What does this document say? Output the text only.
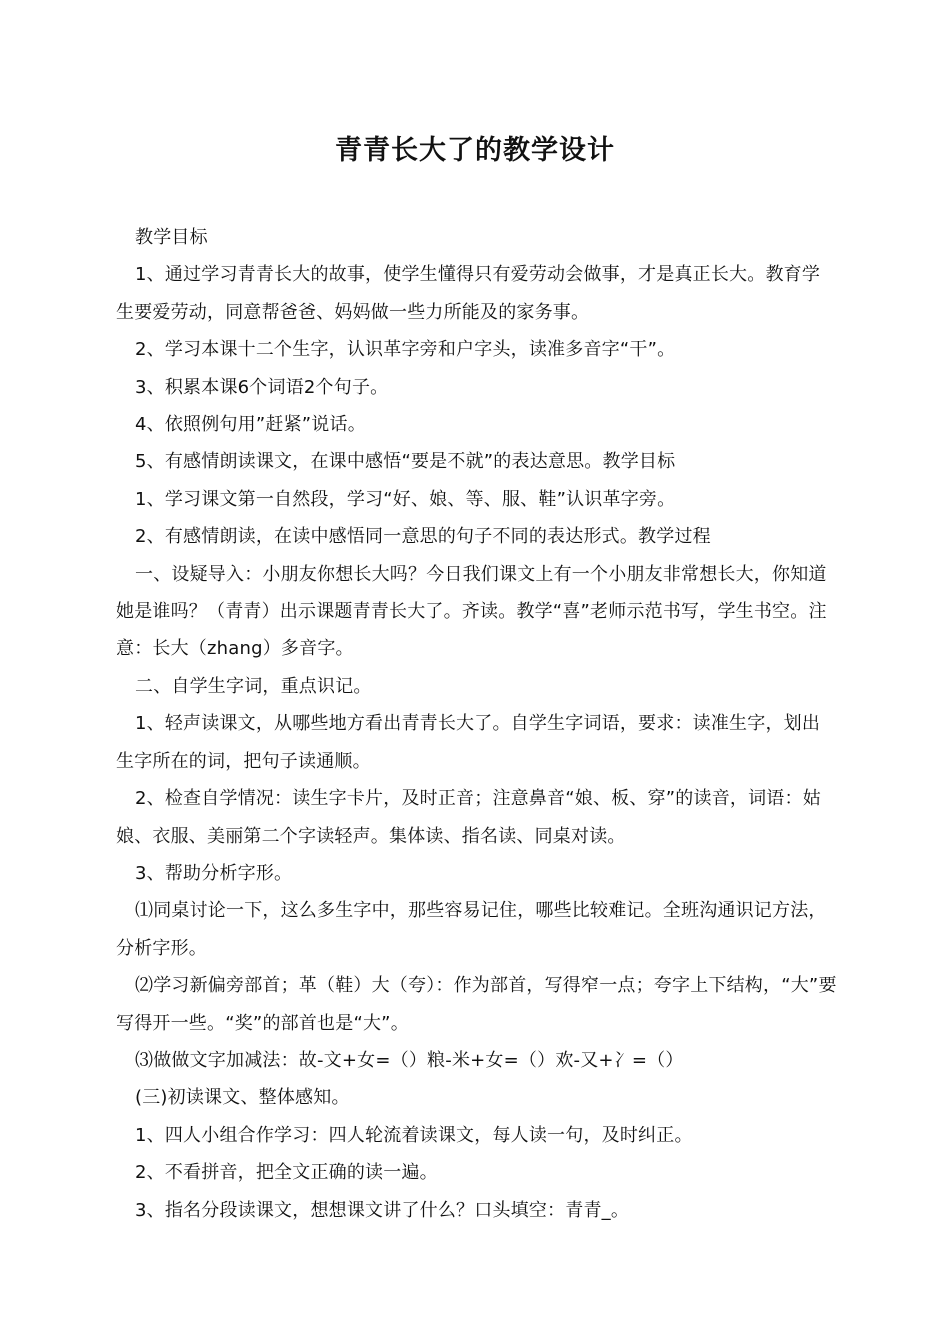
青青长大了的教学设计

教学目标

1、通过学习青青长大的故事，使学生懂得只有爱劳动会做事，才是真正长大。教育学生要爱劳动，同意帮爸爸、妈妈做一些力所能及的家务事。

2、学习本课十二个生字，认识革字旁和户字头，读准多音字“干”。

3、积累本课6个词语2个句子。

4、依照例句用”赶紧”说话。

5、有感情朗读课文，在课中感悟“要是不就”的表达意思。教学目标

1、学习课文第一自然段，学习“好、娘、等、服、鞋”认识革字旁。

2、有感情朗读，在读中感悟同一意思的句子不同的表达形式。教学过程

一、设疑导入：小朋友你想长大吗？今日我们课文上有一个小朋友非常想长大，你知道她是谁吗？（青青）出示课题青青长大了。齐读。教学“喜”老师示范书写，学生书空。注意：长大（zhang）多音字。

二、自学生字词，重点识记。

1、轻声读课文，从哪些地方看出青青长大了。自学生字词语，要求：读准生字，划出生字所在的词，把句子读通顺。

2、检查自学情况：读生字卡片，及时正音；注意鼻音“娘、板、穿”的读音，词语：姑娘、衣服、美丽第二个字读轻声。集体读、指名读、同桌对读。

3、帮助分析字形。

⑴同桌讨论一下，这么多生字中，那些容易记住，哪些比较难记。全班沟通识记方法，分析字形。

⑵学习新偏旁部首；革（鞋）大（夸）：作为部首，写得窄一点；夸字上下结构，“大”要写得开一些。“奖”的部首也是“大”。

⑶做做文字加减法：故-文+女=（）粮-米+女=（）欢-又+冫=（）

(三)初读课文、整体感知。

1、四人小组合作学习：四人轮流着读课文，每人读一句，及时纠正。

2、不看拼音，把全文正确的读一遍。

3、指名分段读课文，想想课文讲了什么？口头填空：青青_。
